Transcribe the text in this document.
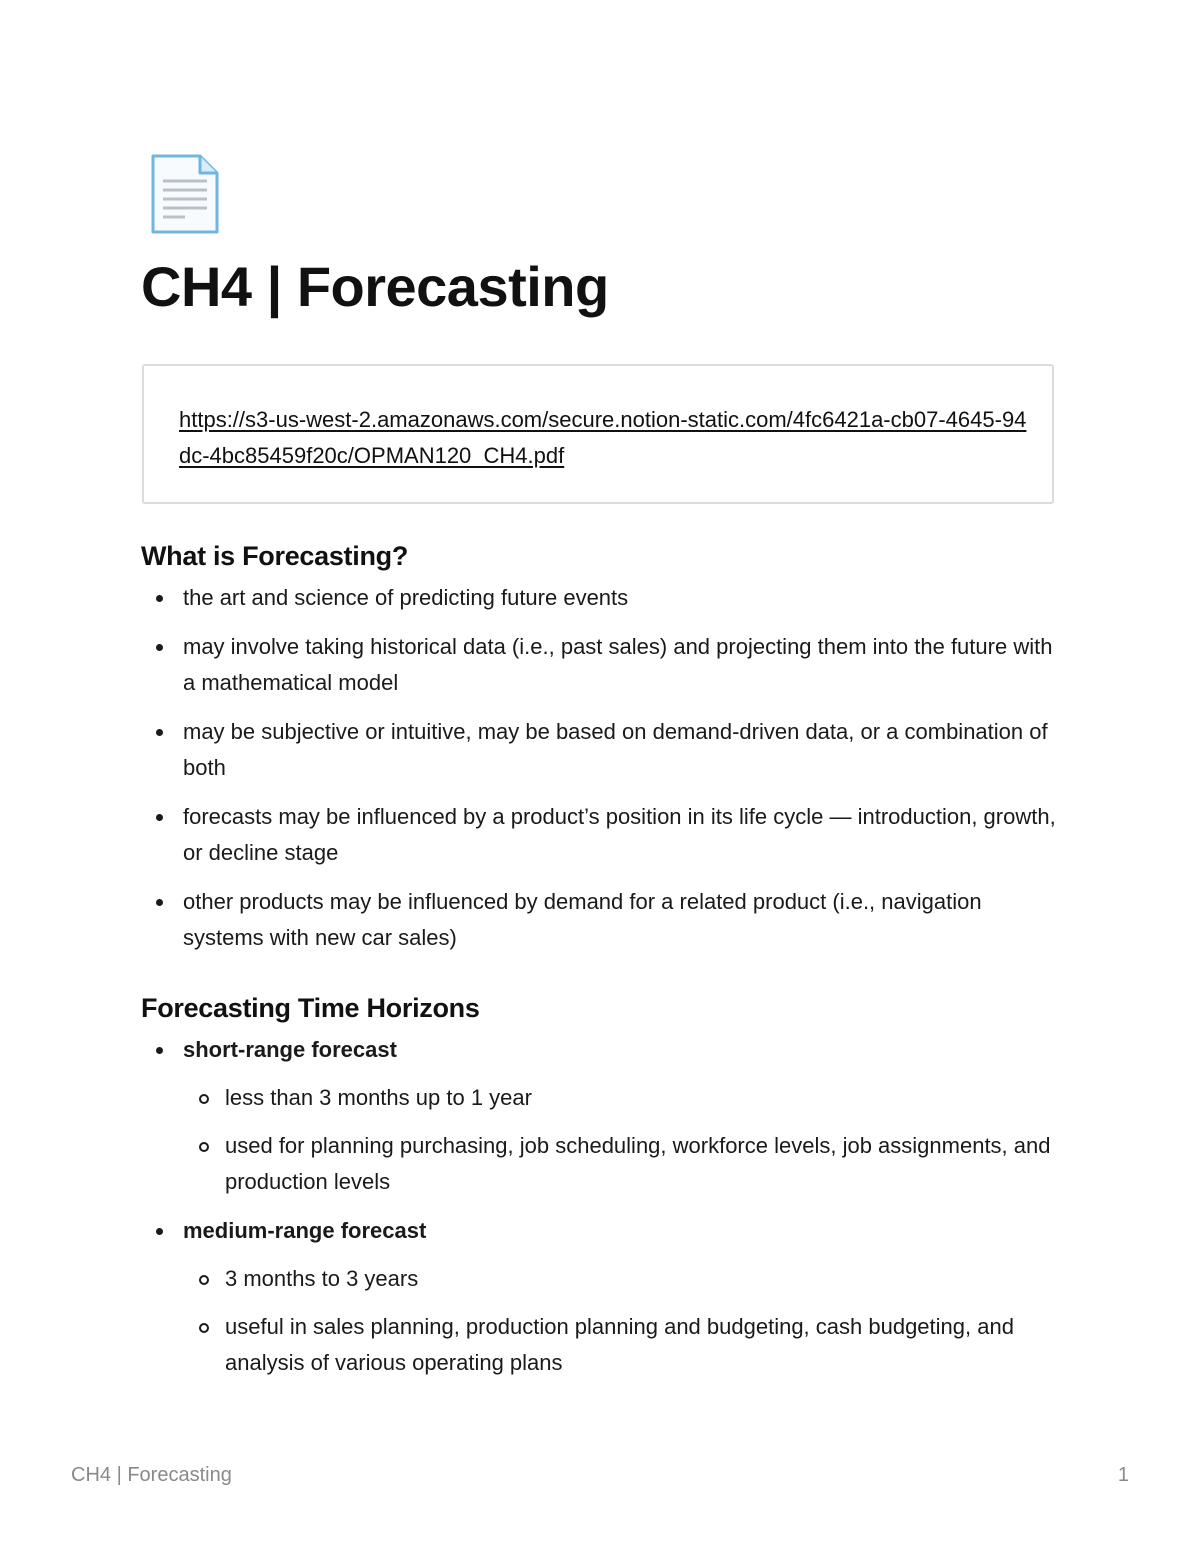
CH4 | Forecasting
https://s3-us-west-2.amazonaws.com/secure.notion-static.com/4fc6421a-cb07-4645-94dc-4bc85459f20c/OPMAN120_CH4.pdf
What is Forecasting?
the art and science of predicting future events
may involve taking historical data (i.e., past sales) and projecting them into the future with a mathematical model
may be subjective or intuitive, may be based on demand-driven data, or a combination of both
forecasts may be influenced by a product’s position in its life cycle — introduction, growth, or decline stage
other products may be influenced by demand for a related product (i.e., navigation systems with new car sales)
Forecasting Time Horizons
short-range forecast
less than 3 months up to 1 year
used for planning purchasing, job scheduling, workforce levels, job assignments, and production levels
medium-range forecast
3 months to 3 years
useful in sales planning, production planning and budgeting, cash budgeting, and analysis of various operating plans
CH4 | Forecasting	1
